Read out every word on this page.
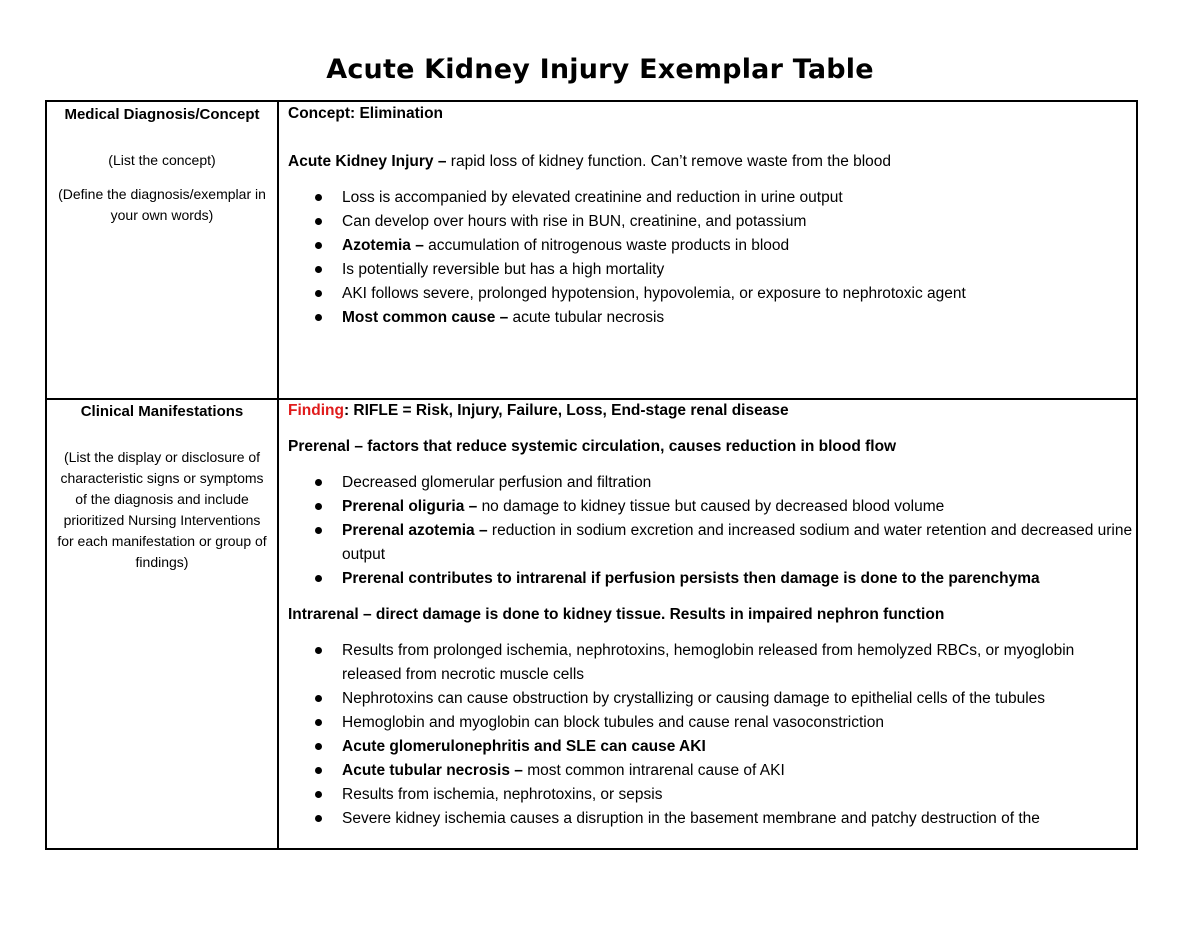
Acute Kidney Injury Exemplar Table

Medical Diagnosis/Concept

(List the concept)

(Define the diagnosis/exemplar in your own words)

Concept: Elimination

Acute Kidney Injury – rapid loss of kidney function. Can’t remove waste from the blood

Loss is accompanied by elevated creatinine and reduction in urine output
Can develop over hours with rise in BUN, creatinine, and potassium
Azotemia – accumulation of nitrogenous waste products in blood
Is potentially reversible but has a high mortality
AKI follows severe, prolonged hypotension, hypovolemia, or exposure to nephrotoxic agent
Most common cause – acute tubular necrosis

Clinical Manifestations

(List the display or disclosure of characteristic signs or symptoms of the diagnosis and include prioritized Nursing Interventions for each manifestation or group of findings)

Finding: RIFLE = Risk, Injury, Failure, Loss, End-stage renal disease

Prerenal – factors that reduce systemic circulation, causes reduction in blood flow

Decreased glomerular perfusion and filtration
Prerenal oliguria – no damage to kidney tissue but caused by decreased blood volume
Prerenal azotemia – reduction in sodium excretion and increased sodium and water retention and decreased urine output
Prerenal contributes to intrarenal if perfusion persists then damage is done to the parenchyma

Intrarenal – direct damage is done to kidney tissue. Results in impaired nephron function

Results from prolonged ischemia, nephrotoxins, hemoglobin released from hemolyzed RBCs, or myoglobin released from necrotic muscle cells
Nephrotoxins can cause obstruction by crystallizing or causing damage to epithelial cells of the tubules
Hemoglobin and myoglobin can block tubules and cause renal vasoconstriction
Acute glomerulonephritis and SLE can cause AKI
Acute tubular necrosis – most common intrarenal cause of AKI
Results from ischemia, nephrotoxins, or sepsis
Severe kidney ischemia causes a disruption in the basement membrane and patchy destruction of the
